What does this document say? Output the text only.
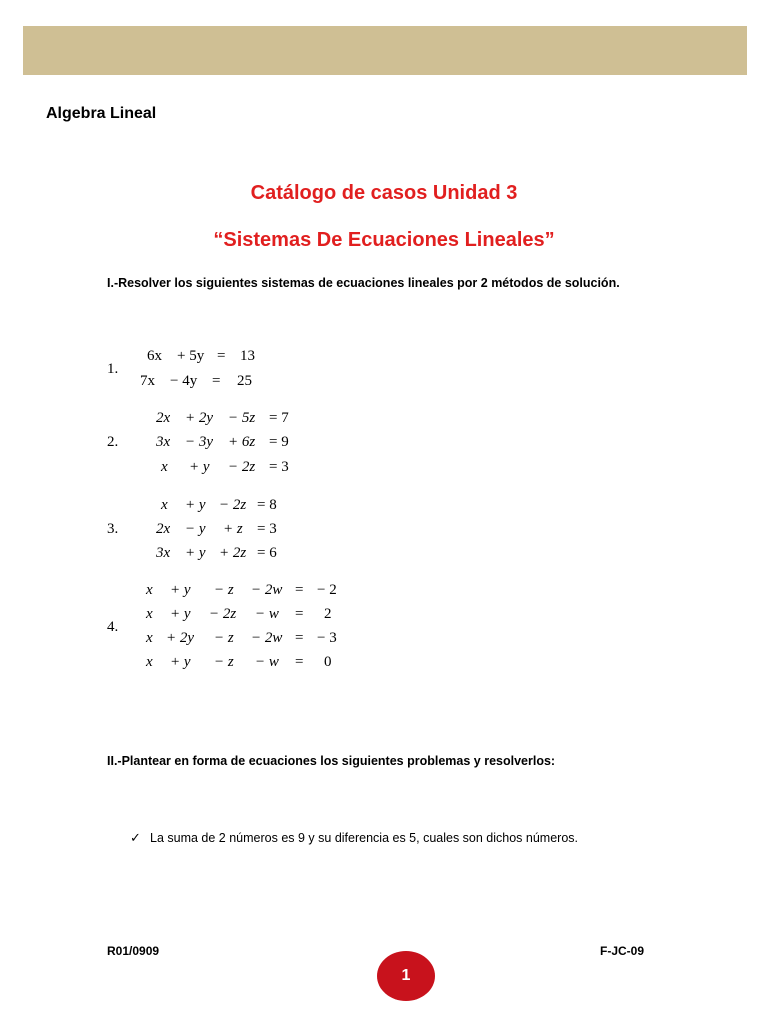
Algebra Lineal
Catálogo de casos Unidad 3
“Sistemas De Ecuaciones Lineales”
I.-Resolver los siguientes sistemas de ecuaciones lineales por 2 métodos de solución.
1.
6x + 5y = 13
7x − 4y = 25
2.
2x + 2y − 5z = 7
3x − 3y + 6z = 9
x + y − 2z = 3
3.
x + y − 2z = 8
2x − y + z = 3
3x + y + 2z = 6
4.
x + y − z − 2w = − 2
x + y − 2z − w = 2
x + 2y − z − 2w = − 3
x + y − z − w = 0
II.-Plantear en forma de ecuaciones los siguientes problemas y resolverlos:
✓ La suma de 2 números es 9 y su diferencia es 5, cuales son dichos números.
R01/0909	F-JC-09
1
